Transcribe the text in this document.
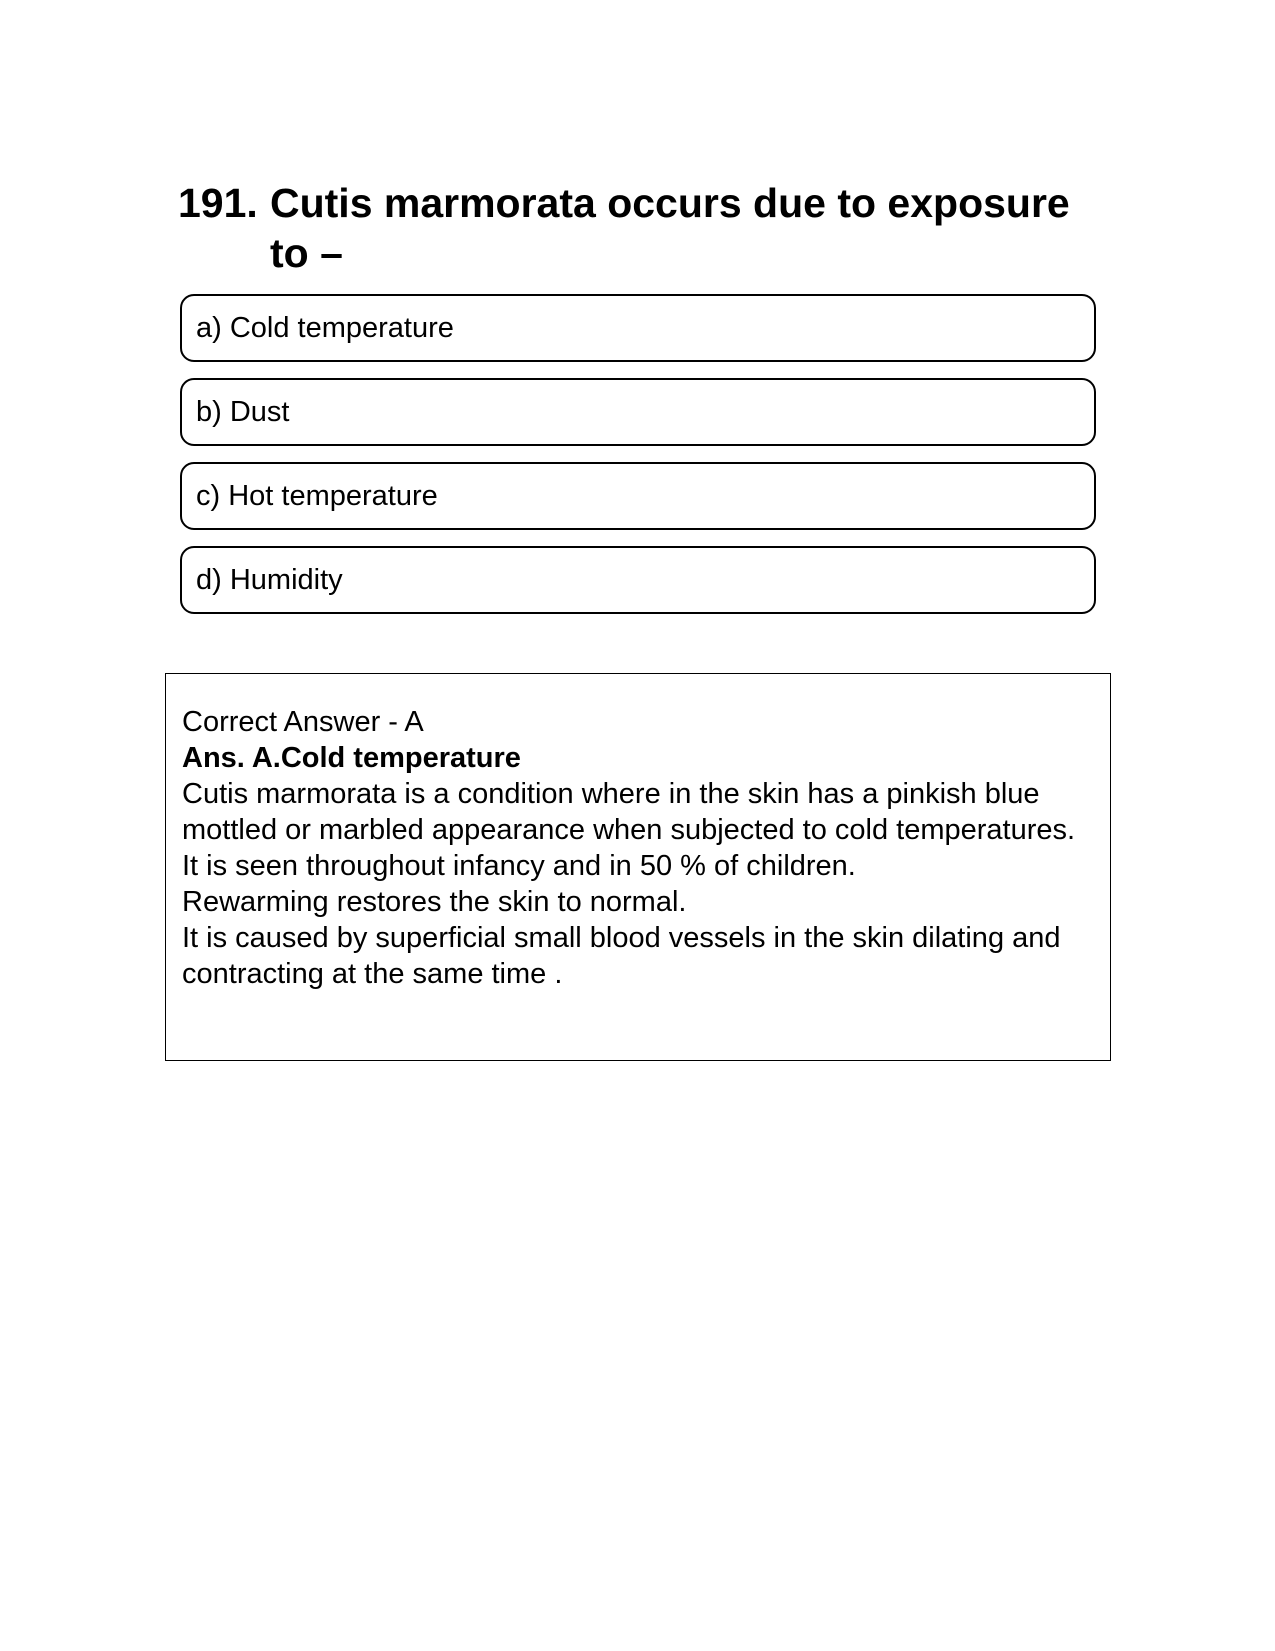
191. Cutis marmorata occurs due to exposure to –
a) Cold temperature
b) Dust
c) Hot temperature
d) Humidity

Correct Answer - A

Ans. A.Cold temperature

Cutis marmorata is a condition where in the skin has a pinkish blue mottled or marbled appearance when subjected to cold temperatures.

It is seen throughout infancy and in 50 % of children.

Rewarming restores the skin to normal.

It is caused by superficial small blood vessels in the skin dilating and contracting at the same time .
